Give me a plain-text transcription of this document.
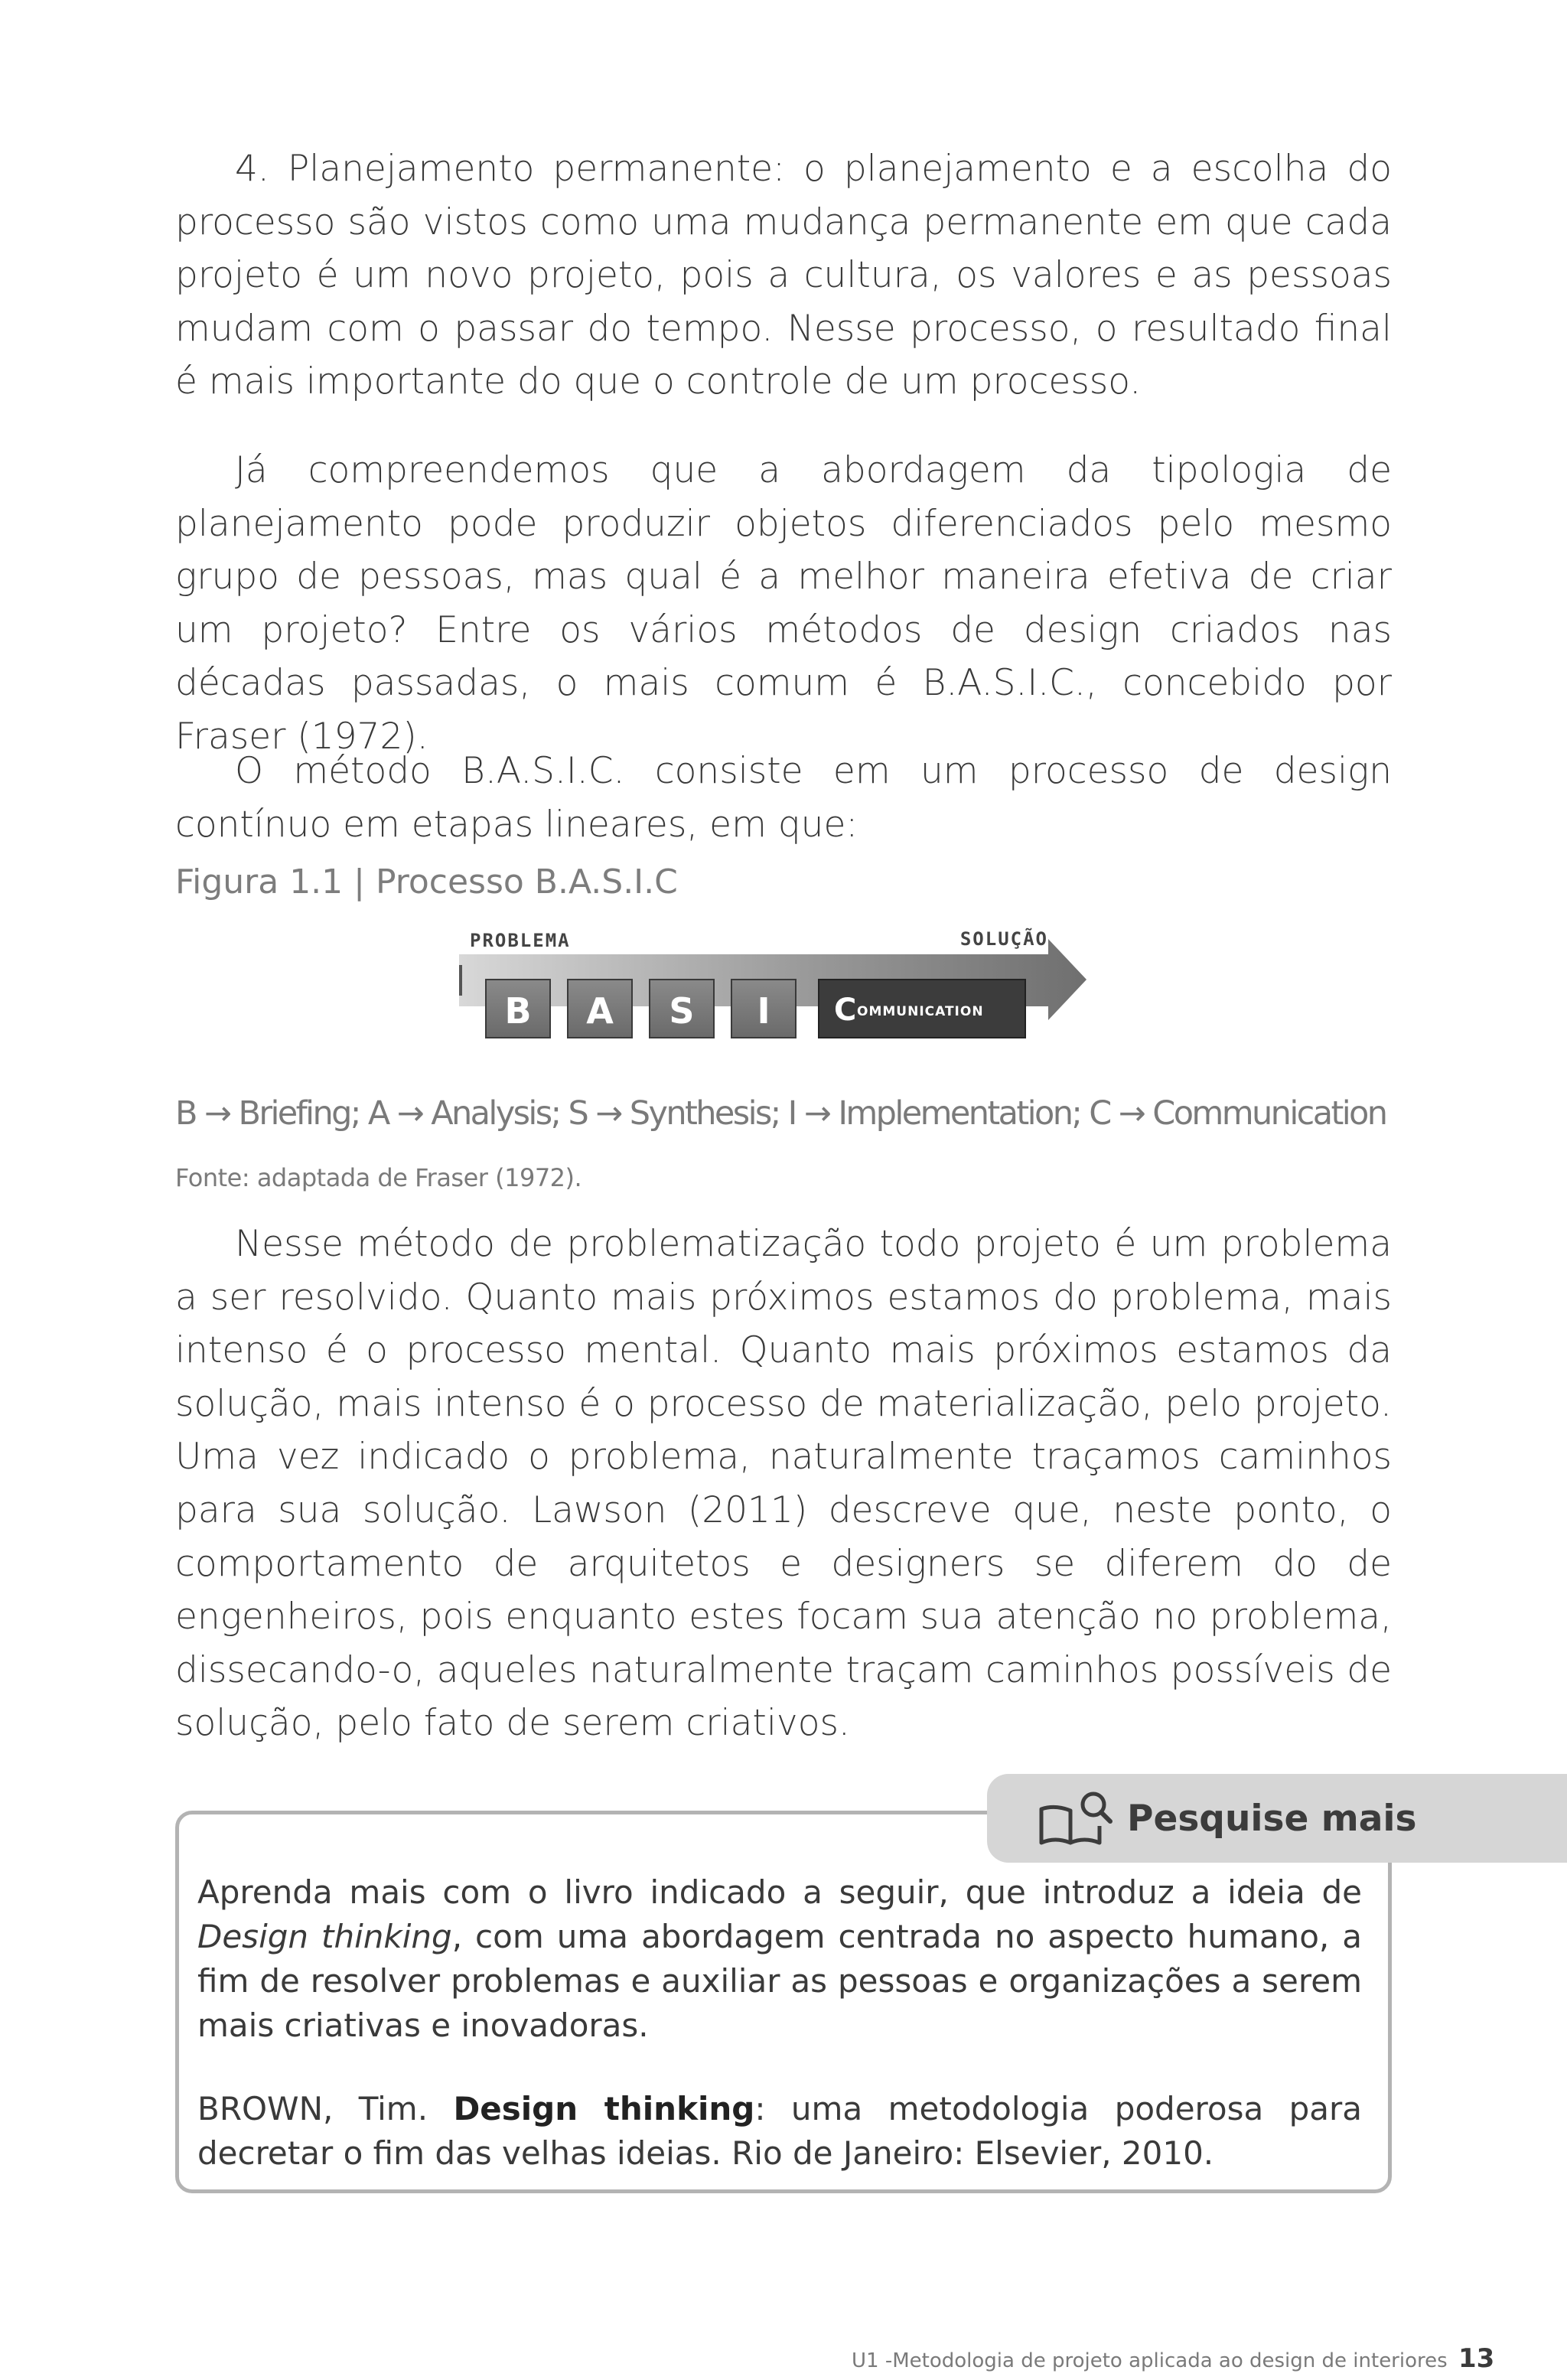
4. Planejamento permanente: o planejamento e a escolha do processo são vistos como uma mudança permanente em que cada projeto é um novo projeto, pois a cultura, os valores e as pessoas mudam com o passar do tempo. Nesse processo, o resultado final é mais importante do que o controle de um processo.

Já compreendemos que a abordagem da tipologia de planejamento pode produzir objetos diferenciados pelo mesmo grupo de pessoas, mas qual é a melhor maneira efetiva de criar um projeto? Entre os vários métodos de design criados nas décadas passadas, o mais comum é B.A.S.I.C., concebido por Fraser (1972).

O método B.A.S.I.C. consiste em um processo de design contínuo em etapas lineares, em que:

Figura 1.1 | Processo B.A.S.I.C

PROBLEMA	SOLUÇÃO
B A S I C OMMUNICATION

B → Briefing; A → Analysis; S → Synthesis; I → Implementation; C → Communication

Fonte: adaptada de Fraser (1972).

Nesse método de problematização todo projeto é um problema a ser resolvido. Quanto mais próximos estamos do problema, mais intenso é o processo mental. Quanto mais próximos estamos da solução, mais intenso é o processo de materialização, pelo projeto. Uma vez indicado o problema, naturalmente traçamos caminhos para sua solução. Lawson (2011) descreve que, neste ponto, o comportamento de arquitetos e designers se diferem do de engenheiros, pois enquanto estes focam sua atenção no problema, dissecando-o, aqueles naturalmente traçam caminhos possíveis de solução, pelo fato de serem criativos.

Pesquise mais

Aprenda mais com o livro indicado a seguir, que introduz a ideia de Design thinking, com uma abordagem centrada no aspecto humano, a fim de resolver problemas e auxiliar as pessoas e organizações a serem mais criativas e inovadoras.

BROWN, Tim. Design thinking: uma metodologia poderosa para decretar o fim das velhas ideias. Rio de Janeiro: Elsevier, 2010.

U1 -Metodologia de projeto aplicada ao design de interiores 13
